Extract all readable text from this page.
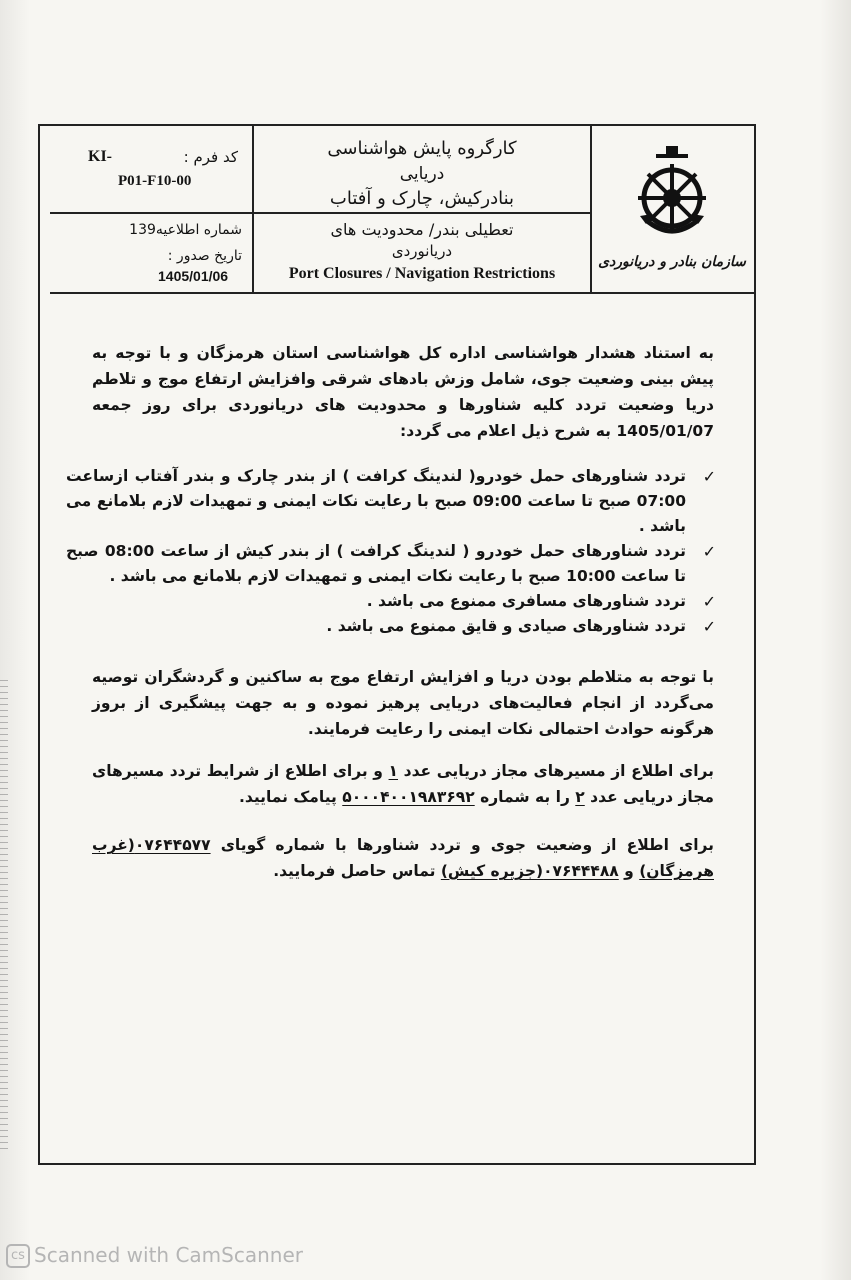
کد فرم :
KI-
P01-F10-00
کارگروه پایش هواشناسی
دریایی
بنادرکیش، چارک و آفتاب
شماره اطلاعیه139
تاریخ صدور :
1405/01/06
تعطیلی بندر/ محدودیت های
دریانوردی
Port Closures / Navigation Restrictions
سازمان بنادر و دریانوردی
به استناد هشدار هواشناسی اداره کل هواشناسی استان هرمزگان و با توجه به پیش بینی وضعیت جوی، شامل وزش بادهای شرقی وافزایش ارتفاع موج و تلاطم دریا وضعیت تردد کلیه شناورها و محدودیت های دریانوردی برای روز جمعه 1405/01/07 به شرح ذیل اعلام می گردد:
✓
تردد شناورهای حمل خودرو( لندینگ کرافت ) از بندر چارک و بندر آفتاب ازساعت 07:00 صبح تا ساعت 09:00 صبح با رعایت نکات ایمنی و تمهیدات لازم بلامانع می باشد .
✓
تردد شناورهای حمل خودرو ( لندینگ کرافت ) از بندر کیش از ساعت 08:00 صبح تا ساعت 10:00 صبح با رعایت نکات ایمنی و تمهیدات لازم بلامانع می باشد .
✓
تردد شناورهای مسافری ممنوع می باشد .
✓
تردد شناورهای صیادی و قایق ممنوع می باشد .
با توجه به متلاطم بودن دریا و افزایش ارتفاع موج به ساکنین و گردشگران توصیه می‌گردد از انجام فعالیت‌های دریایی پرهیز نموده و به جهت پیشگیری از بروز هرگونه حوادث احتمالی نکات ایمنی را رعایت فرمایند.
برای اطلاع از مسیرهای مجاز دریایی عدد ۱ و برای اطلاع از شرایط تردد مسیرهای مجاز دریایی عدد ۲ را به شماره ۵۰۰۰۴۰۰۱۹۸۳۶۹۲ پیامک نمایید.
برای اطلاع از وضعیت جوی و تردد شناورها با شماره گویای ۰۷۶۴۴۵۷۷(غرب هرمزگان) و ۰۷۶۴۴۴۸۸(جزیره کیش) تماس حاصل فرمایید.
cs Scanned with CamScanner
